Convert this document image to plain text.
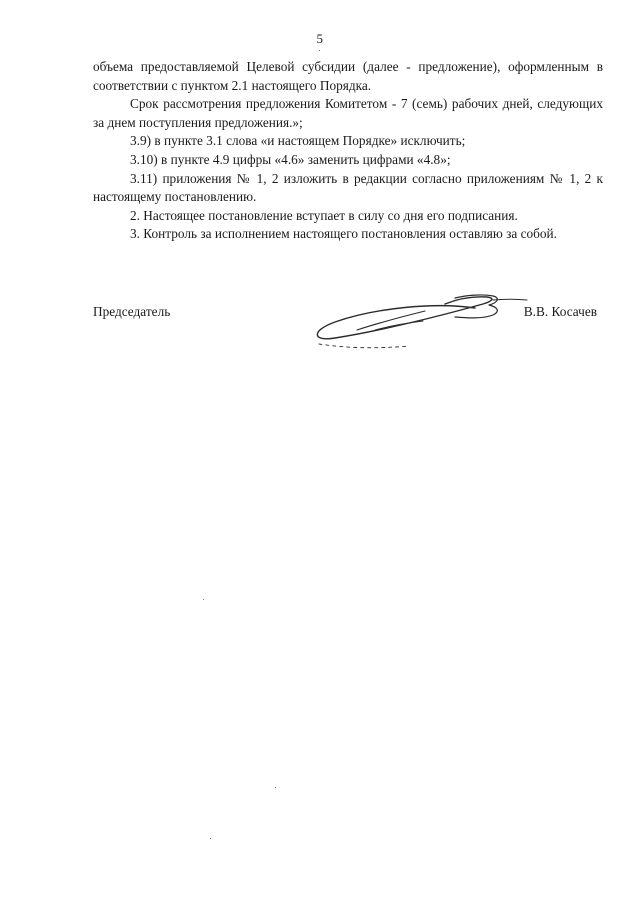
5

объема предоставляемой Целевой субсидии (далее - предложение), оформленным в соответствии с пунктом 2.1 настоящего Порядка.

Срок рассмотрения предложения Комитетом - 7 (семь) рабочих дней, следующих за днем поступления предложения.»;

3.9) в пункте 3.1 слова «и настоящем Порядке» исключить;

3.10) в пункте 4.9 цифры «4.6» заменить цифрами «4.8»;

3.11) приложения № 1, 2 изложить в редакции согласно приложениям № 1, 2 к настоящему постановлению.

2. Настоящее постановление вступает в силу со дня его подписания.

3. Контроль за исполнением настоящего постановления оставляю за собой.

Председатель	В.В. Косачев
